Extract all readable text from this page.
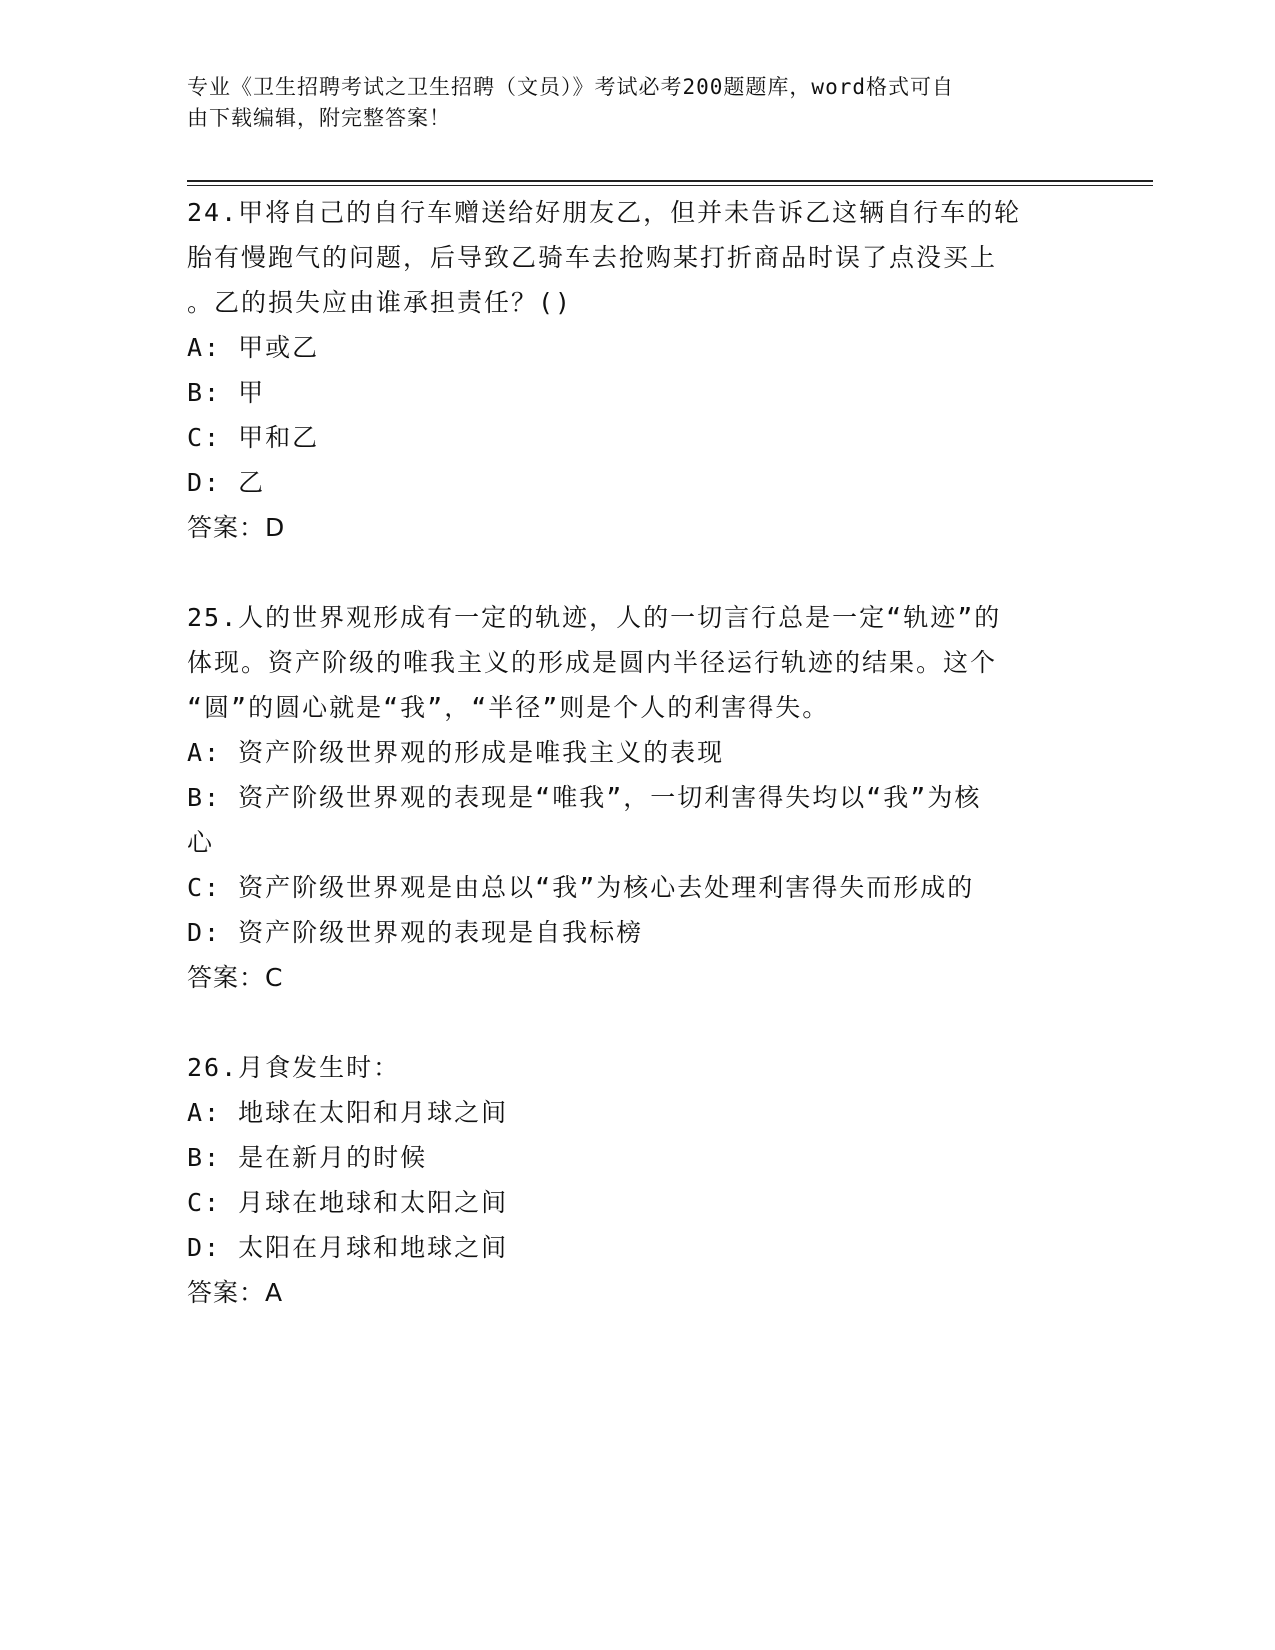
专业《卫生招聘考试之卫生招聘（文员）》考试必考200题题库，word格式可自
由下载编辑，附完整答案！

24.甲将自己的自行车赠送给好朋友乙，但并未告诉乙这辆自行车的轮

胎有慢跑气的问题，后导致乙骑车去抢购某打折商品时误了点没买上

。乙的损失应由谁承担责任？()

A: 甲或乙

B: 甲

C: 甲和乙

D: 乙

答案：D

25.人的世界观形成有一定的轨迹，人的一切言行总是一定“轨迹”的

体现。资产阶级的唯我主义的形成是圆内半径运行轨迹的结果。这个

“圆”的圆心就是“我”，“半径”则是个人的利害得失。

A: 资产阶级世界观的形成是唯我主义的表现

B: 资产阶级世界观的表现是“唯我”，一切利害得失均以“我”为核

心

C: 资产阶级世界观是由总以“我”为核心去处理利害得失而形成的

D: 资产阶级世界观的表现是自我标榜

答案：C

26.月食发生时：

A: 地球在太阳和月球之间

B: 是在新月的时候

C: 月球在地球和太阳之间

D: 太阳在月球和地球之间

答案：A
